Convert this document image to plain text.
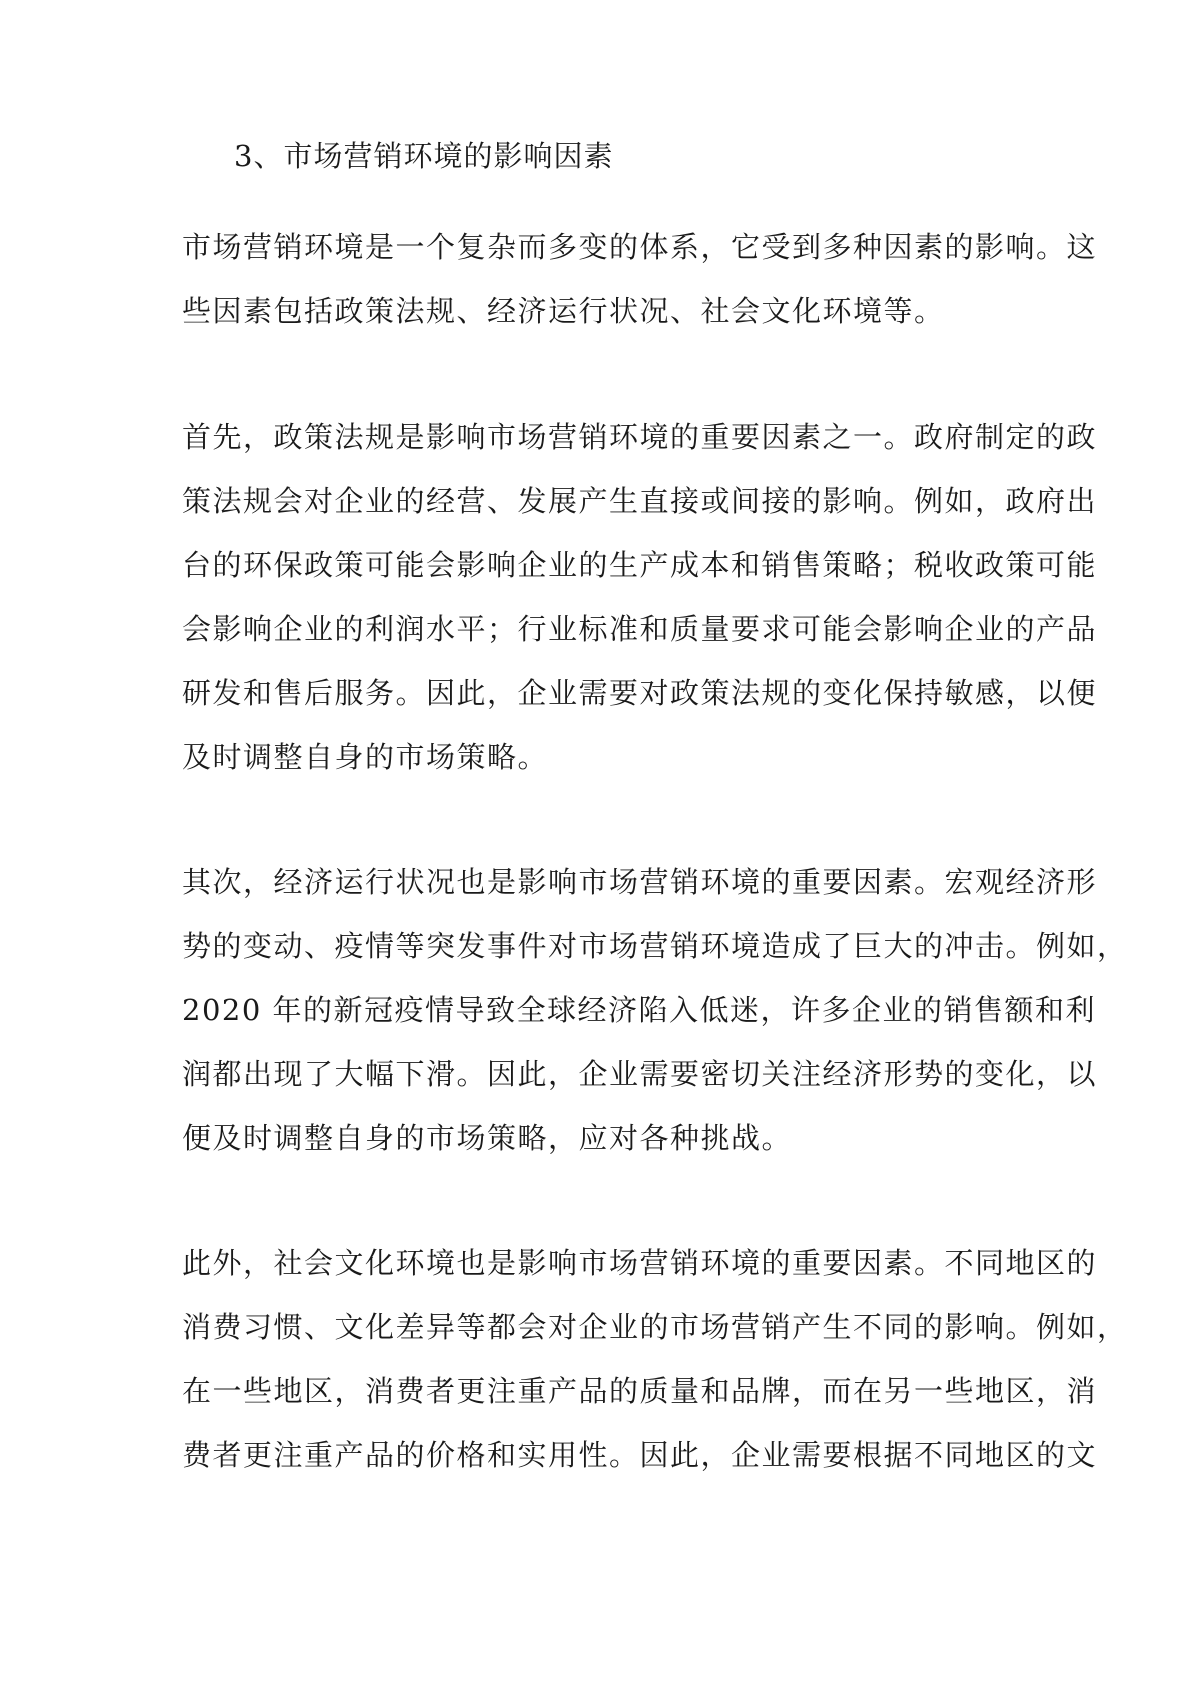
3、市场营销环境的影响因素
市场营销环境是一个复杂而多变的体系，它受到多种因素的影响。这
些因素包括政策法规、经济运行状况、社会文化环境等。
首先，政策法规是影响市场营销环境的重要因素之一。政府制定的政
策法规会对企业的经营、发展产生直接或间接的影响。例如，政府出
台的环保政策可能会影响企业的生产成本和销售策略；税收政策可能
会影响企业的利润水平；行业标准和质量要求可能会影响企业的产品
研发和售后服务。因此，企业需要对政策法规的变化保持敏感，以便
及时调整自身的市场策略。
其次，经济运行状况也是影响市场营销环境的重要因素。宏观经济形
势的变动、疫情等突发事件对市场营销环境造成了巨大的冲击。例如，
2020 年的新冠疫情导致全球经济陷入低迷，许多企业的销售额和利
润都出现了大幅下滑。因此，企业需要密切关注经济形势的变化，以
便及时调整自身的市场策略，应对各种挑战。
此外，社会文化环境也是影响市场营销环境的重要因素。不同地区的
消费习惯、文化差异等都会对企业的市场营销产生不同的影响。例如，
在一些地区，消费者更注重产品的质量和品牌，而在另一些地区，消
费者更注重产品的价格和实用性。因此，企业需要根据不同地区的文
